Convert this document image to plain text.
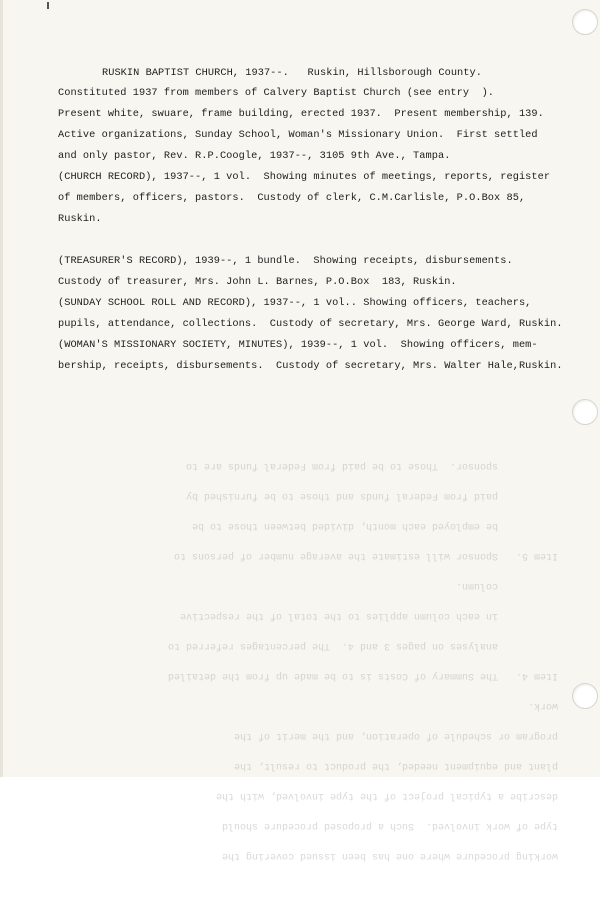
working procedure where one has been issued covering the
type of work involved.  Such a proposed procedure should
describe a typical project of the type involved, with the
plant and equipment needed, the product to result, the
program or schedule of operation, and the merit of the
work.
Item 4.   The Summary of Costs is to be made up from the detailed
analyses on pages 3 and 4.  The percentages referred to
in each column applies to the total of the respective
column.
Item 5.   Sponsor will estimate the average number of persons to
be employed each month, divided between those to be
paid from Federal funds and those to be furnished by
sponsor.  Those to be paid from Federal funds are to

RUSKIN BAPTIST CHURCH, 1937--.   Ruskin, Hillsborough County.
Constituted 1937 from members of Calvery Baptist Church (see entry  ).
Present white, swuare, frame building, erected 1937.  Present membership, 139.
Active organizations, Sunday School, Woman's Missionary Union.  First settled
and only pastor, Rev. R.P.Coogle, 1937--, 3105 9th Ave., Tampa.
(CHURCH RECORD), 1937--, 1 vol.  Showing minutes of meetings, reports, register
of members, officers, pastors.  Custody of clerk, C.M.Carlisle, P.O.Box 85,
Ruskin.
(TREASURER'S RECORD), 1939--, 1 bundle.  Showing receipts, disbursements.
Custody of treasurer, Mrs. John L. Barnes, P.O.Box  183, Ruskin.
(SUNDAY SCHOOL ROLL AND RECORD), 1937--, 1 vol.. Showing officers, teachers,
pupils, attendance, collections.  Custody of secretary, Mrs. George Ward, Ruskin.
(WOMAN'S MISSIONARY SOCIETY, MINUTES), 1939--, 1 vol.  Showing officers, mem-
bership, receipts, disbursements.  Custody of secretary, Mrs. Walter Hale,Ruskin.
